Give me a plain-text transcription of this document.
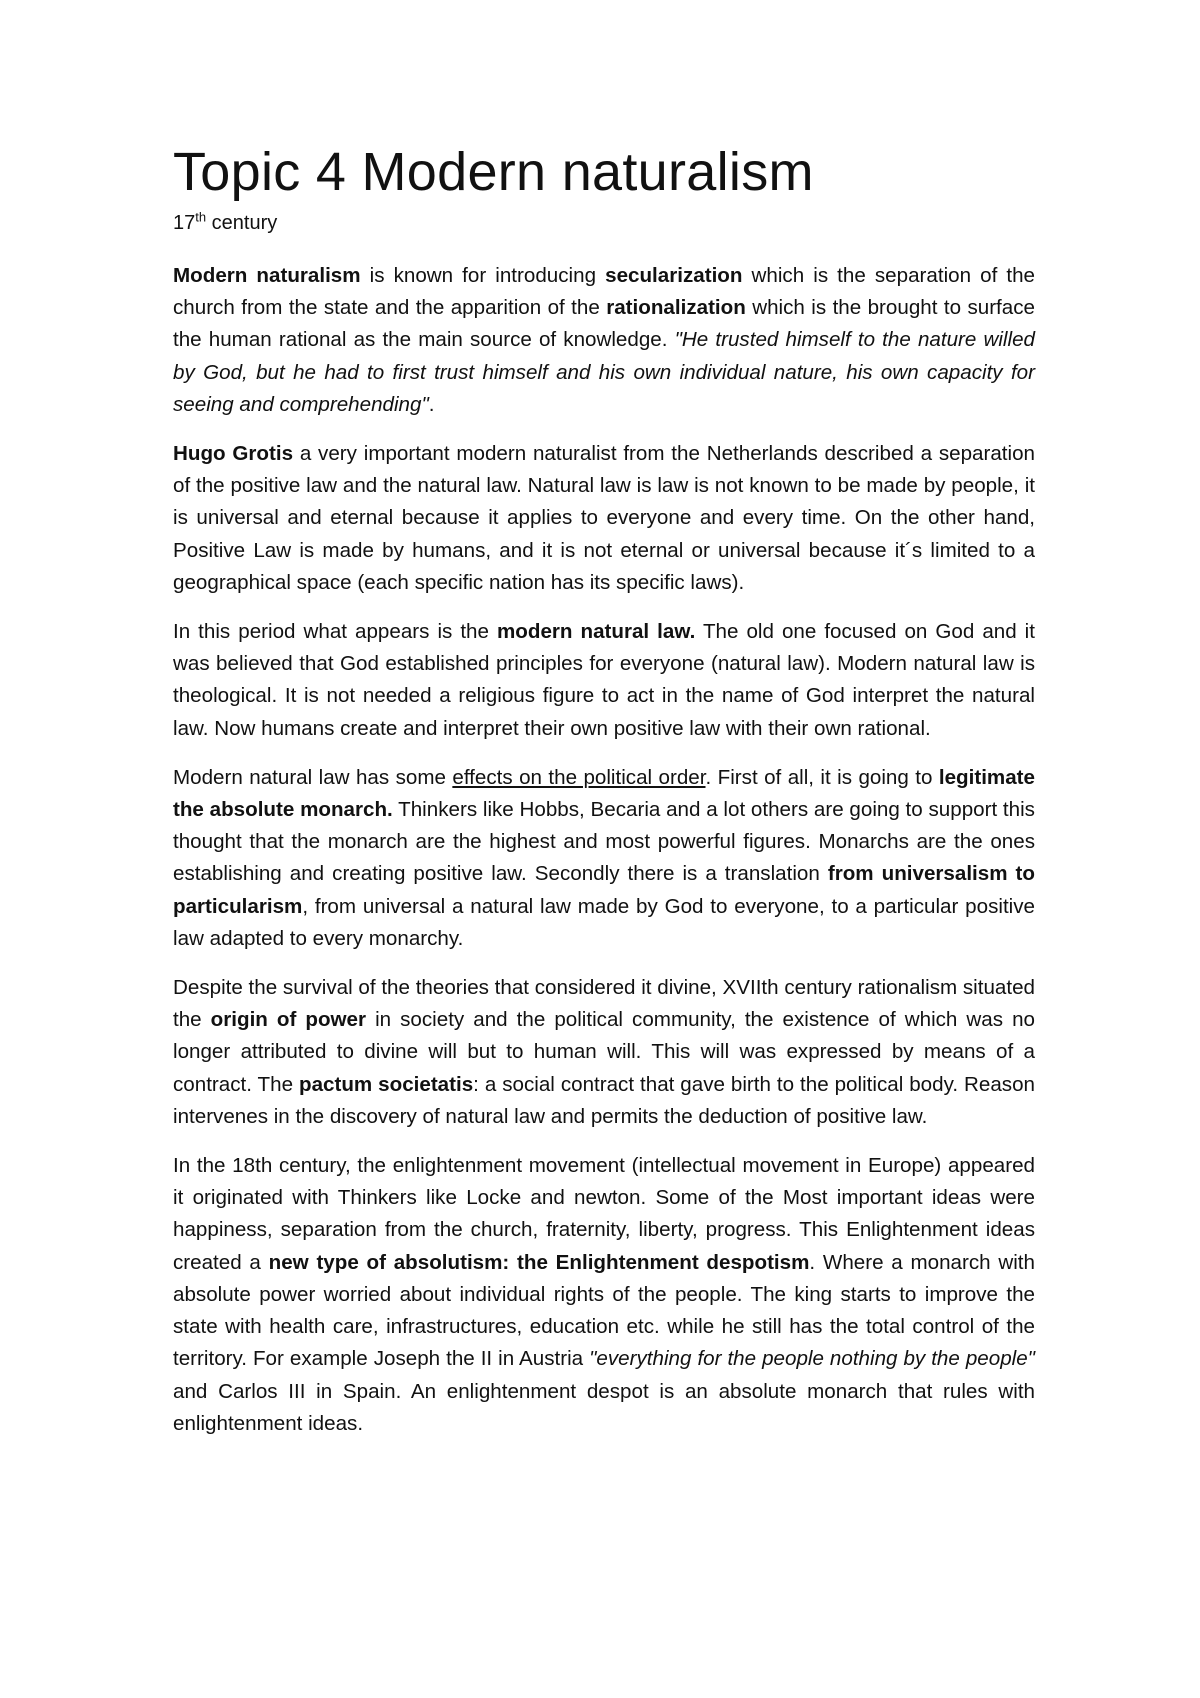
Topic 4 Modern naturalism
17th century

Modern naturalism is known for introducing secularization which is the separation of the church from the state and the apparition of the rationalization which is the brought to surface the human rational as the main source of knowledge. "He trusted himself to the nature willed by God, but he had to first trust himself and his own individual nature, his own capacity for seeing and comprehending".

Hugo Grotis a very important modern naturalist from the Netherlands described a separation of the positive law and the natural law. Natural law is law is not known to be made by people, it is universal and eternal because it applies to everyone and every time. On the other hand, Positive Law is made by humans, and it is not eternal or universal because it´s limited to a geographical space (each specific nation has its specific laws).

In this period what appears is the modern natural law. The old one focused on God and it was believed that God established principles for everyone (natural law). Modern natural law is theological. It is not needed a religious figure to act in the name of God interpret the natural law. Now humans create and interpret their own positive law with their own rational.

Modern natural law has some effects on the political order. First of all, it is going to legitimate the absolute monarch. Thinkers like Hobbs, Becaria and a lot others are going to support this thought that the monarch are the highest and most powerful figures. Monarchs are the ones establishing and creating positive law. Secondly there is a translation from universalism to particularism, from universal a natural law made by God to everyone, to a particular positive law adapted to every monarchy.

Despite the survival of the theories that considered it divine, XVIIth century rationalism situated the origin of power in society and the political community, the existence of which was no longer attributed to divine will but to human will. This will was expressed by means of a contract. The pactum societatis: a social contract that gave birth to the political body. Reason intervenes in the discovery of natural law and permits the deduction of positive law.

In the 18th century, the enlightenment movement (intellectual movement in Europe) appeared it originated with Thinkers like Locke and newton. Some of the Most important ideas were happiness, separation from the church, fraternity, liberty, progress. This Enlightenment ideas created a new type of absolutism: the Enlightenment despotism. Where a monarch with absolute power worried about individual rights of the people. The king starts to improve the state with health care, infrastructures, education etc. while he still has the total control of the territory. For example Joseph the II in Austria "everything for the people nothing by the people" and Carlos III in Spain. An enlightenment despot is an absolute monarch that rules with enlightenment ideas.
